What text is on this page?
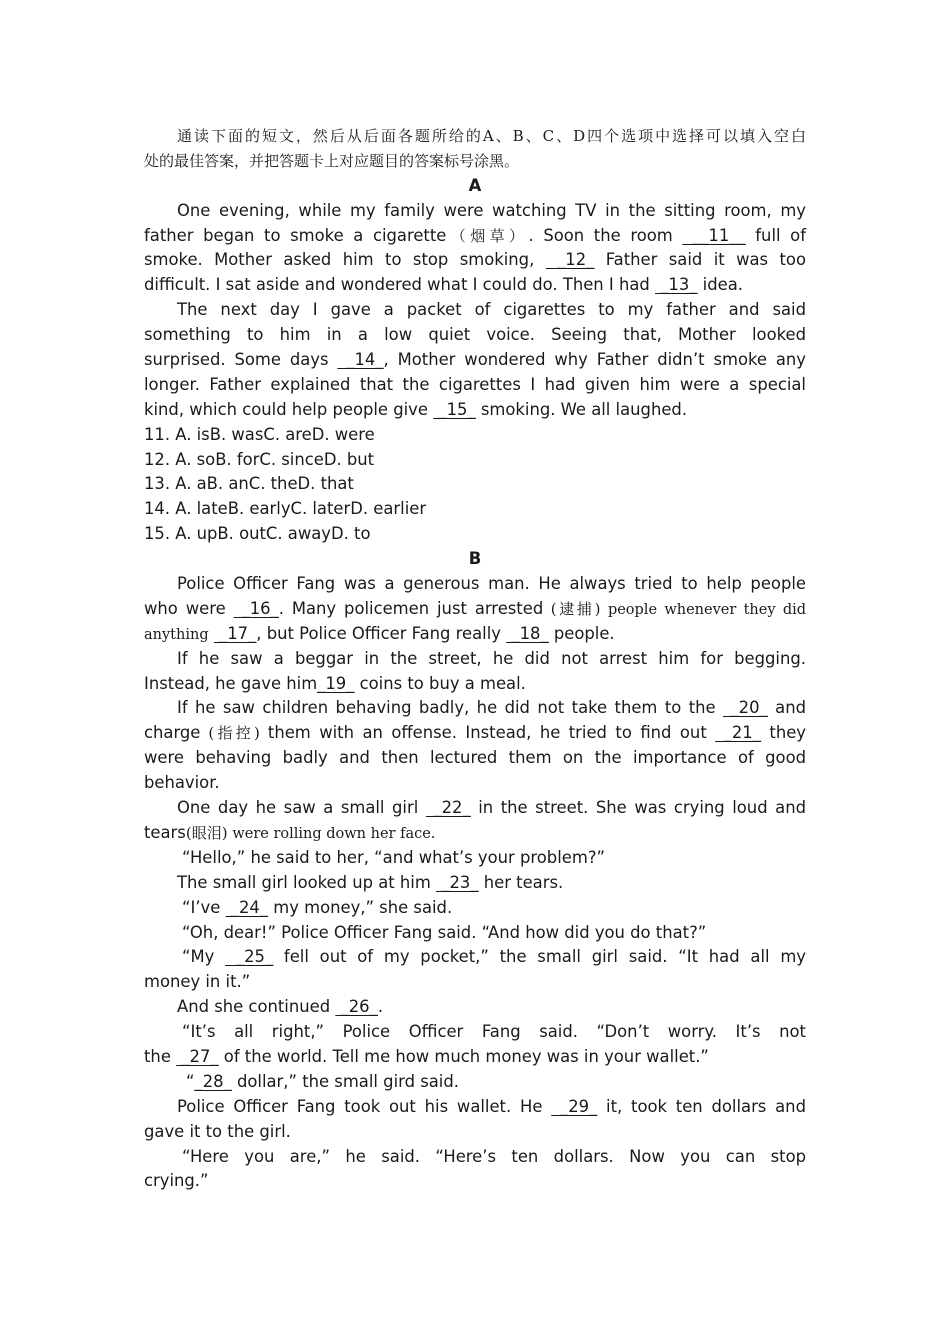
通读下面的短文，然后从后面各题所给的A、B、C、D四个选项中选择可以填入空白
处的最佳答案，并把答题卡上对应题目的答案标号涂黑。
A
One evening, while my family were watching TV in the sitting room, my
father began to smoke a cigarette（烟草）. Soon the room  __11__ full of
smoke. Mother asked him to stop smoking,  _12_ Father said it was too
difficult. I sat aside and wondered what I could do. Then I had  _13_ idea.
The next day I gave a packet of cigarettes to my father and said
something to him in a low quiet voice. Seeing that, Mother looked
surprised. Some days  _14_, Mother wondered why Father didn’t smoke any
longer. Father explained that the cigarettes I had given him were a special
kind, which could help people give  _15_ smoking. We all laughed.
11. A. isB. wasC. areD. were
12. A. soB. forC. sinceD. but
13. A. aB. anC. theD. that
14. A. lateB. earlyC. laterD. earlier
15. A. upB. outC. awayD. to
B
Police Officer Fang was a generous man. He always tried to help people
who were  _16_. Many policemen just arrested (逮捕) people whenever they did
anything  _17_, but Police Officer Fang really  _18_ people.
If he saw a beggar in the street, he did not arrest him for begging.
Instead, he gave him_19_ coins to buy a meal.
If he saw children behaving badly, he did not take them to the  _20_ and
charge (指控) them with an offense. Instead, he tried to find out  _21_ they
were behaving badly and then lectured them on the importance of good
behavior.
One day he saw a small girl  _22_ in the street. She was crying loud and
tears(眼泪) were rolling down her face.
“Hello,” he said to her, “and what’s your problem?”
The small girl looked up at him  _23_ her tears.
“I’ve  _24_ my money,” she said.
“Oh, dear!” Police Officer Fang said. “And how did you do that?”
“My  _25_ fell out of my pocket,” the small girl said. “It had all my
money in it.”
And she continued  _26_.
“It’s all right,” Police Officer Fang said. “Don’t worry. It’s not
the  _27_ of the world. Tell me how much money was in your wallet.”
“_28_ dollar,” the small gird said.
Police Officer Fang took out his wallet. He  _29_ it, took ten dollars and
gave it to the girl.
“Here you are,” he said. “Here’s ten dollars. Now you can stop
crying.”
